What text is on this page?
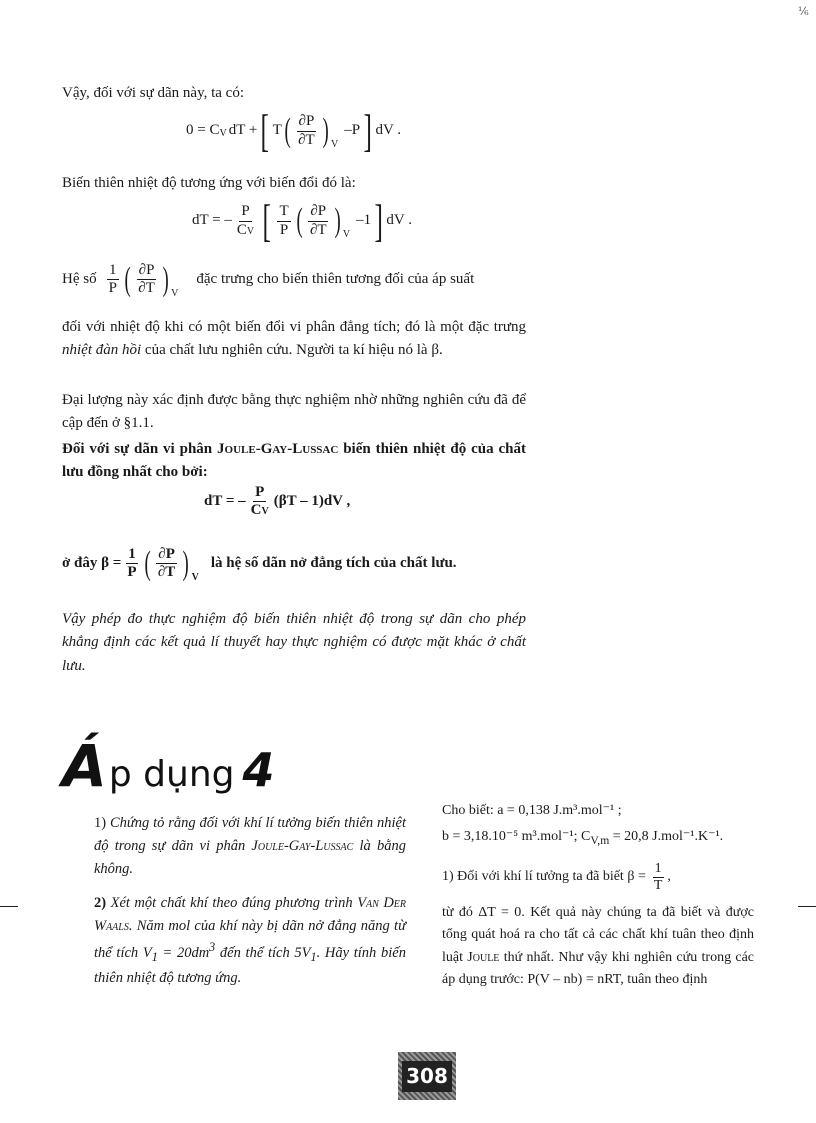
⅙

Vậy, đối với sự dãn này, ta có:

0 = C V dT + [ T ( $\frac{\partial P}{\partial T}$ ) V
–P ] dV .

Biến thiên nhiệt độ tương ứng với biến đổi đó là:

dT = – $\frac{P}{CV}$ [ $\frac{T}{P}$ ( $\frac{\partial P}{\partial T}$ ) V
–1 ] dV .
Hệ số $\frac{1}{P}$ ( $\frac{\partial P}{\partial T}$ ) V
đặc trưng cho biến thiên tương đối của áp suất

đối với nhiệt độ khi có một biến đổi vi phân đẳng tích; đó là một đặc trưng nhiệt đàn hồi của chất lưu nghiên cứu. Người ta kí hiệu nó là β.

Đại lượng này xác định được bằng thực nghiệm nhờ những nghiên cứu đã để cập đến ở §1.1.

Đối với sự dãn vi phân Joule-Gay-Lussac biến thiên nhiệt độ của chất lưu đồng nhất cho bởi:

dT = – $\frac{P}{CV} (\beta T - 1)dV$ ,
ở đây $\beta = \frac{1}{P}$ ( $\frac{\partial P}{\partial T}$ ) V
là hệ số dãn nở đẳng tích của chất lưu.

Vậy phép đo thực nghiệm độ biến thiên nhiệt độ trong sự dãn cho phép khẳng định các kết quả lí thuyết hay thực nghiệm có được mặt khác ở chất lưu.

Á p dụng 4

1) Chứng tỏ rằng đối với khí lí tưởng biến thiên nhiệt độ trong sự dãn vi phân Joule-Gay-Lussac là bằng không.

2) Xét một chất khí theo đúng phương trình Van Der Waals. Năm mol của khí này bị dãn nở đẳng năng từ thể tích $V_1 = 20dm^3$ đến thể tích $5V_1$. Hãy tính biến thiên nhiệt độ tương ứng.

Cho biết: a = 0,138 J.m³.mol⁻¹ ;

b = 3,18.10⁻⁵ m³.mol⁻¹; $C_{V,m} = 20,8$ J.mol⁻¹.K⁻¹.

1) Đối với khí lí tưởng ta đã biết $\beta = \frac{1}{T}$ ,

từ đó ΔT = 0. Kết quả này chúng ta đã biết và được tổng quát hoá ra cho tất cả các chất khí tuân theo định luật Joule thứ nhất. Như vậy khi nghiên cứu trong các áp dụng trước: P(V – nb) = nRT, tuân theo định

308
